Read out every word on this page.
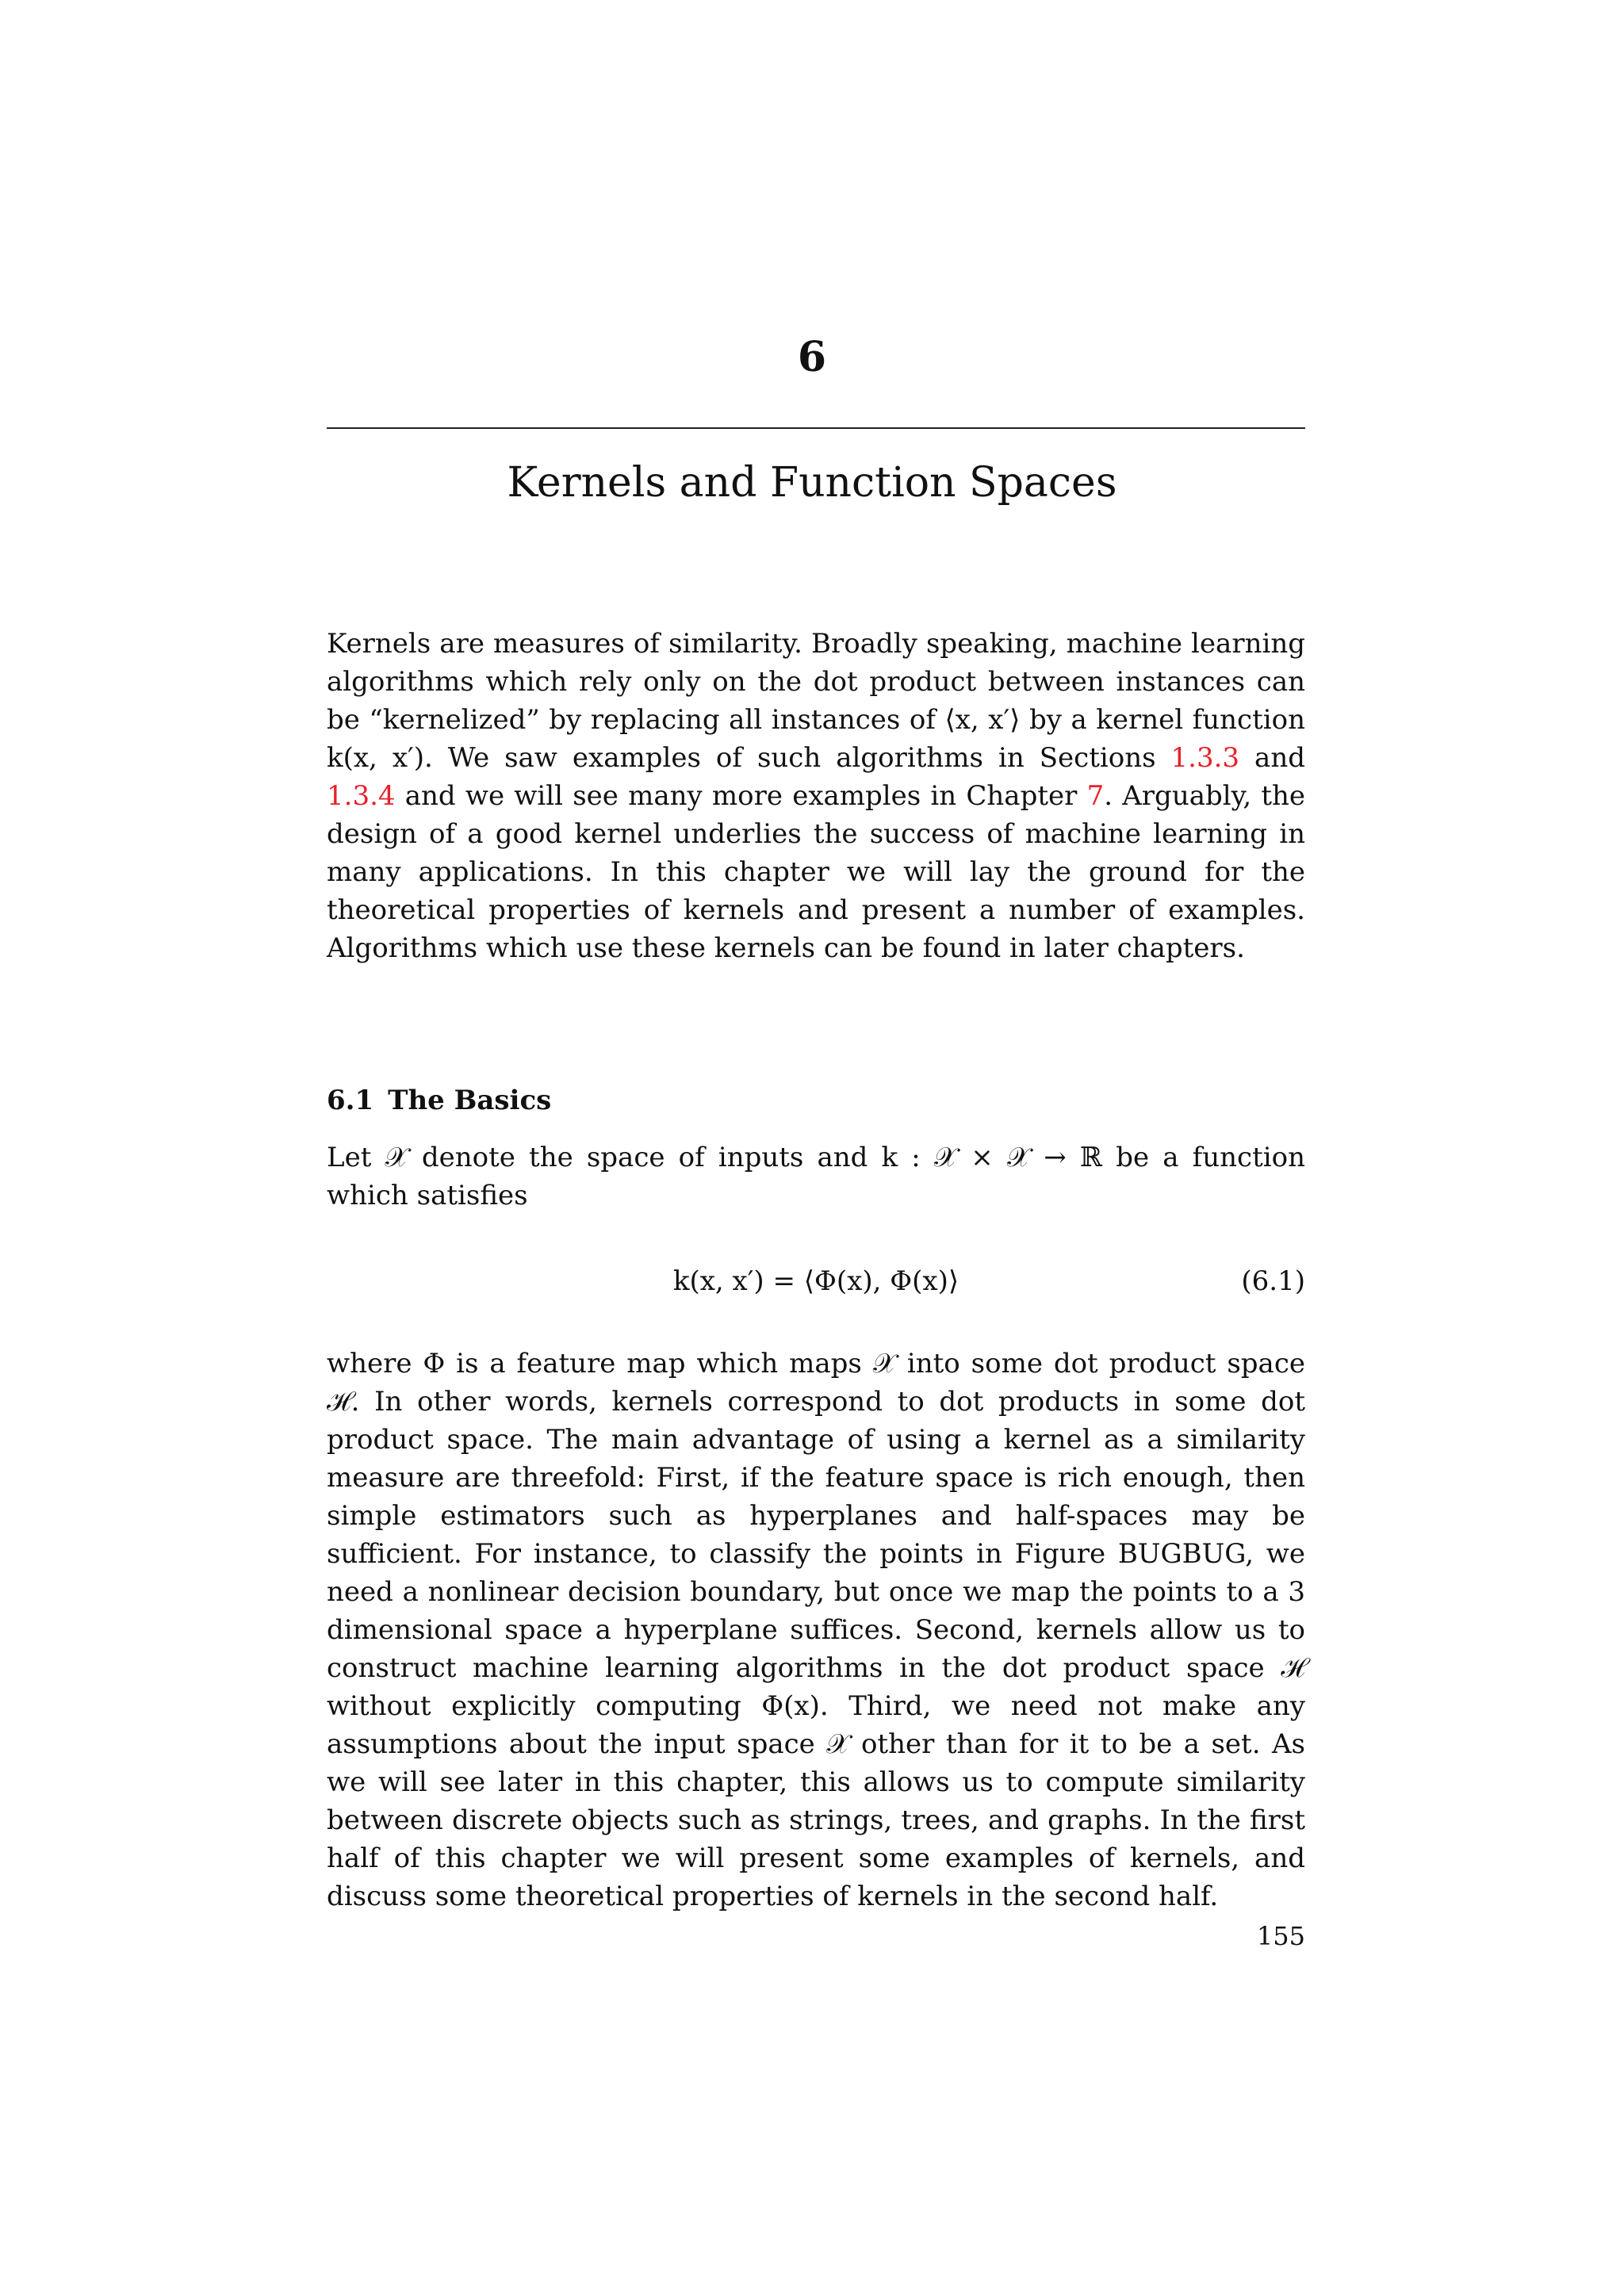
6
Kernels and Function Spaces
Kernels are measures of similarity. Broadly speaking, machine learning algorithms which rely only on the dot product between instances can be “kernelized” by replacing all instances of ⟨x, x′⟩ by a kernel function k(x, x′). We saw examples of such algorithms in Sections 1.3.3 and 1.3.4 and we will see many more examples in Chapter 7. Arguably, the design of a good kernel underlies the success of machine learning in many applications. In this chapter we will lay the ground for the theoretical properties of kernels and present a number of examples. Algorithms which use these kernels can be found in later chapters.
6.1 The Basics
Let 𝒳 denote the space of inputs and k : 𝒳 × 𝒳 → ℝ be a function which satisfies
k(x, x′) = ⟨Φ(x), Φ(x)⟩	(6.1)
where Φ is a feature map which maps 𝒳 into some dot product space ℋ. In other words, kernels correspond to dot products in some dot product space. The main advantage of using a kernel as a similarity measure are threefold: First, if the feature space is rich enough, then simple estimators such as hyperplanes and half-spaces may be sufficient. For instance, to classify the points in Figure BUGBUG, we need a nonlinear decision boundary, but once we map the points to a 3 dimensional space a hyperplane suffices. Second, kernels allow us to construct machine learning algorithms in the dot product space ℋ without explicitly computing Φ(x). Third, we need not make any assumptions about the input space 𝒳 other than for it to be a set. As we will see later in this chapter, this allows us to compute similarity between discrete objects such as strings, trees, and graphs. In the first half of this chapter we will present some examples of kernels, and discuss some theoretical properties of kernels in the second half.
155
